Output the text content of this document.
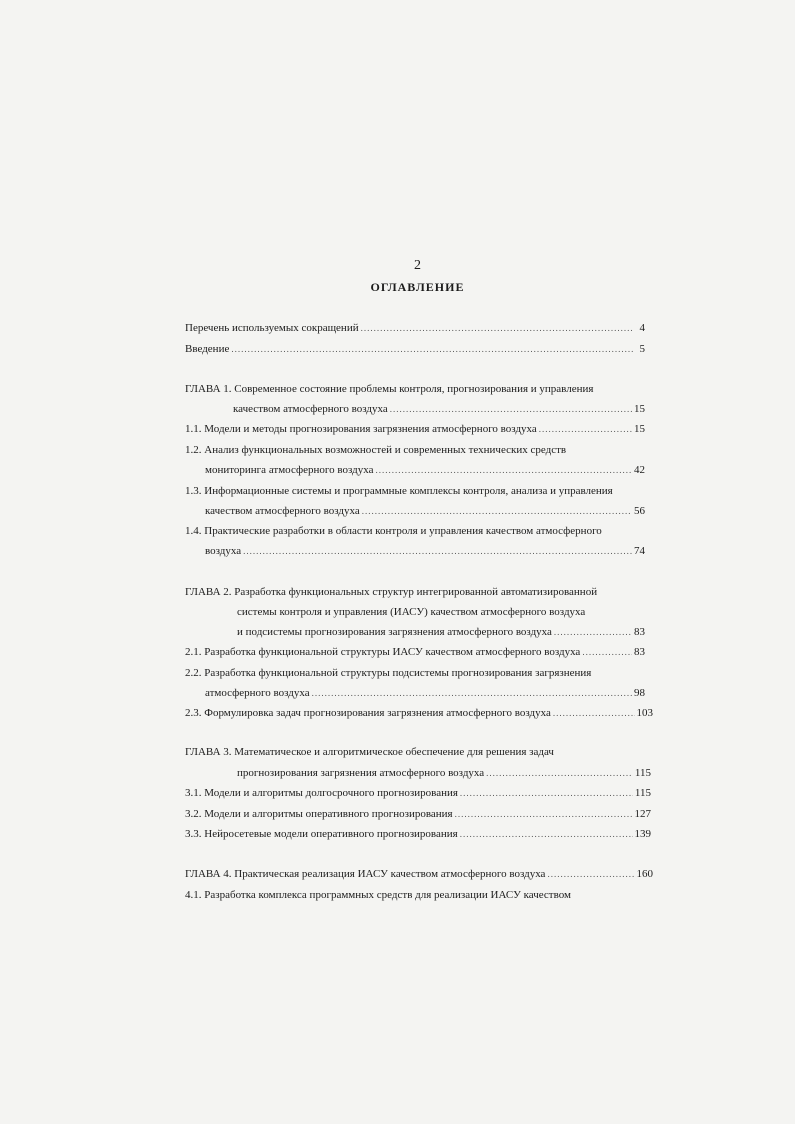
2
ОГЛАВЛЕНИЕ
Перечень используемых сокращений .....	4
Введение .....	5
ГЛАВА 1. Современное состояние проблемы контроля, прогнозирования и управления
качеством атмосферного воздуха .....	15
1.1. Модели и методы прогнозирования загрязнения атмосферного воздуха .....	15
1.2. Анализ функциональных возможностей и современных технических средств
мониторинга атмосферного воздуха .....	42
1.3. Информационные системы и программные комплексы контроля, анализа и управления
качеством атмосферного воздуха .....	56
1.4. Практические разработки в области контроля и управления качеством атмосферного
воздуха .....	74
ГЛАВА 2. Разработка функциональных структур интегрированной автоматизированной
системы контроля и управления (ИАСУ) качеством атмосферного воздуха
и подсистемы прогнозирования загрязнения атмосферного воздуха .....	83
2.1. Разработка функциональной структуры ИАСУ качеством атмосферного воздуха .....	83
2.2. Разработка функциональной структуры подсистемы прогнозирования загрязнения
атмосферного воздуха .....	98
2.3. Формулировка задач прогнозирования загрязнения атмосферного воздуха .....	103
ГЛАВА 3. Математическое и алгоритмическое обеспечение для решения задач
прогнозирования загрязнения атмосферного воздуха .....	115
3.1. Модели и алгоритмы долгосрочного прогнозирования .....	115
3.2. Модели и алгоритмы оперативного прогнозирования .....	127
3.3. Нейросетевые модели оперативного прогнозирования .....	139
ГЛАВА 4. Практическая реализация ИАСУ качеством атмосферного воздуха .....	160
4.1. Разработка комплекса программных средств для реализации ИАСУ качеством
